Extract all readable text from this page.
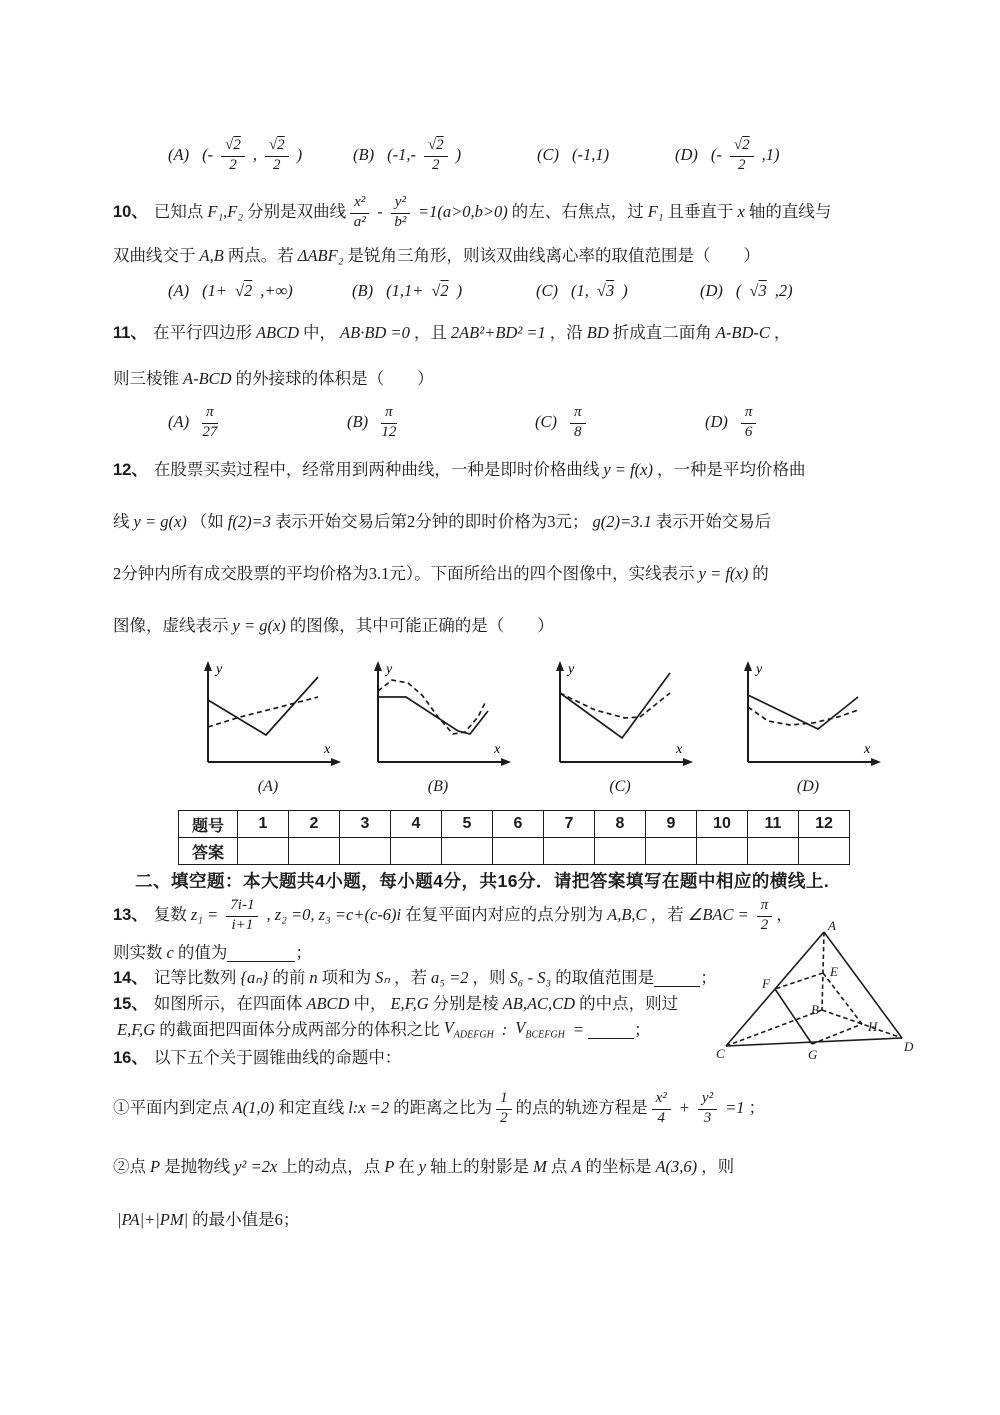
(A) (- $\frac{√2}{2}$ , $\frac{√2}{2}$ )	(B) ($-1,- \frac{√2}{2}$ )	(C) (-1,1)	(D) (- $\frac{√2}{2} ,1$)
10、 已知点 F₁,F₂ 分别是双曲线 $\frac{\text{x²}}{\text{a²}} - \frac{\text{y²}}{\text{b²}} =1(a>0,b>0)$ 的左、右焦点，过 F₁ 且垂直于 x 轴的直线与
双曲线交于 A,B 两点。若 ΔABF₂ 是锐角三角形，则该双曲线离心率的取值范围是（　　）
(A) (1+ √2 ,+∞)	(B) (1,1+ √2 )	(C) (1, √3 )	(D) ( √3 ,2)
11、 在平行四边形 ABCD 中， AB·BD =0 ，且 2AB²+BD² =1 ，沿 BD 折成直二面角 A-BD-C ，
则三棱锥 A-BCD 的外接球的体积是（　　）
$(A) \frac{\pi}{27}$	$(B) \frac{\pi}{12}$	$(C) \frac{\pi}{8}$	$(D) \frac{\pi}{6}$
12、 在股票买卖过程中，经常用到两种曲线，一种是即时价格曲线 y = f(x) ，一种是平均价格曲
线 y = g(x) （如 f(2)=3 表示开始交易后第2分钟的即时价格为3元； g(2)=3.1 表示开始交易后
2分钟内所有成交股票的平均价格为3.1元）。下面所给出的四个图像中，实线表示 y = f(x) 的
图像，虚线表示 y = g(x) 的图像，其中可能正确的是（　　）
y
x
(A)
y
x
(B)
y
x
(C)
y
x
(D)
题号	1	2	3	4	5	6	7	8	9	10	11	12
答案												
二、填空题：本大题共4小题，每小题4分，共16分．请把答案填写在题中相应的横线上.
13、 复数 $z_1 = \frac{7i-1}{i+1}$ , z₂ =0, z₃ =c+(c-6)i 在复平面内对应的点分别为 A,B,C ，若 ∠BAC = $\frac{\pi}{2}$ ，
则实数 c 的值为	；
14、 记等比数列 {aₙ} 的前 n 项和为 Sₙ ，若 a₅ =2 ，则 S₆ - S₃ 的取值范围是	；
15、 如图所示，在四面体 ABCD 中， E,F,G 分别是棱 AB,AC,CD 的中点，则过
E,F,G 的截面把四面体分成两部分的体积之比 $V_{ADEFGH}$ : $V_{BCEFGH}$ =	；
A
B
C	D
E
F
G
H
16、 以下五个关于圆锥曲线的命题中：
①平面内到定点 A(1,0) 和定直线 l:x =2 的距离之比为 $\frac{1}{2}$ 的点的轨迹方程是 $\frac{\text{x²}}{4} + \frac{\text{y²}}{3} =1$ ；
②点 P 是抛物线 y² =2x 上的动点，点 P 在 y 轴上的射影是 M 点 A 的坐标是 A(3,6) ，则
|PA|+|PM| 的最小值是6；
